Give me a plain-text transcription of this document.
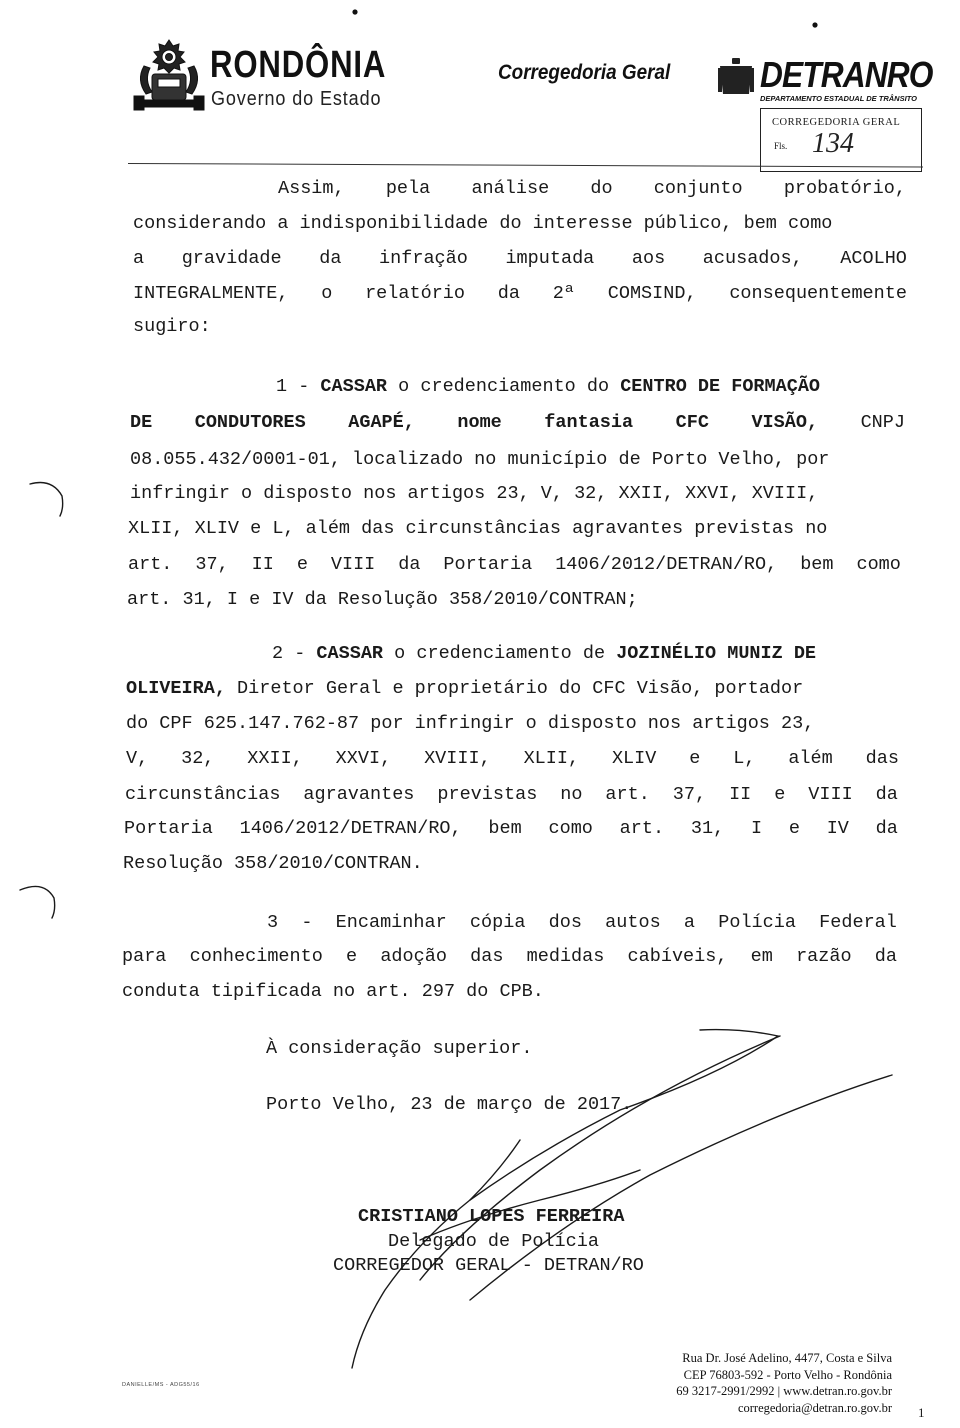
RONDÔNIA
Governo do Estado
Corregedoria Geral DETRANRO
DEPARTAMENTO ESTADUAL DE TRÂNSITO
CORREGEDORIA GERAL
Fls. 134
Assim, pela análise do conjunto probatório,
considerando a indisponibilidade do interesse público, bem como
a gravidade da infração imputada aos acusados, ACOLHO
INTEGRALMENTE, o relatório da 2ª COMSIND, consequentemente
sugiro:
1 - CASSAR o credenciamento do CENTRO DE FORMAÇÃO
DE CONDUTORES AGAPÉ, nome fantasia CFC VISÃO, CNPJ
08.055.432/0001-01, localizado no município de Porto Velho, por
infringir o disposto nos artigos 23, V, 32, XXII, XXVI, XVIII,
XLII, XLIV e L, além das circunstâncias agravantes previstas no
art. 37, II e VIII da Portaria 1406/2012/DETRAN/RO, bem como
art. 31, I e IV da Resolução 358/2010/CONTRAN;
2 - CASSAR o credenciamento de JOZINÉLIO MUNIZ DE
OLIVEIRA, Diretor Geral e proprietário do CFC Visão, portador
do CPF 625.147.762-87 por infringir o disposto nos artigos 23,
V, 32, XXII, XXVI, XVIII, XLII, XLIV e L, além das
circunstâncias agravantes previstas no art. 37, II e VIII da
Portaria 1406/2012/DETRAN/RO, bem como art. 31, I e IV da
Resolução 358/2010/CONTRAN.
3 - Encaminhar cópia dos autos a Polícia Federal
para conhecimento e adoção das medidas cabíveis, em razão da
conduta tipificada no art. 297 do CPB.
À consideração superior.
Porto Velho, 23 de março de 2017.
CRISTIANO LOPES FERREIRA
Delegado de Polícia
CORREGEDOR GERAL - DETRAN/RO
DANIELLE/MS - ADG55/16
Rua Dr. José Adelino, 4477, Costa e Silva
CEP 76803-592 - Porto Velho - Rondônia
69 3217-2991/2992 | www.detran.ro.gov.br
corregedoria@detran.ro.gov.br 1
